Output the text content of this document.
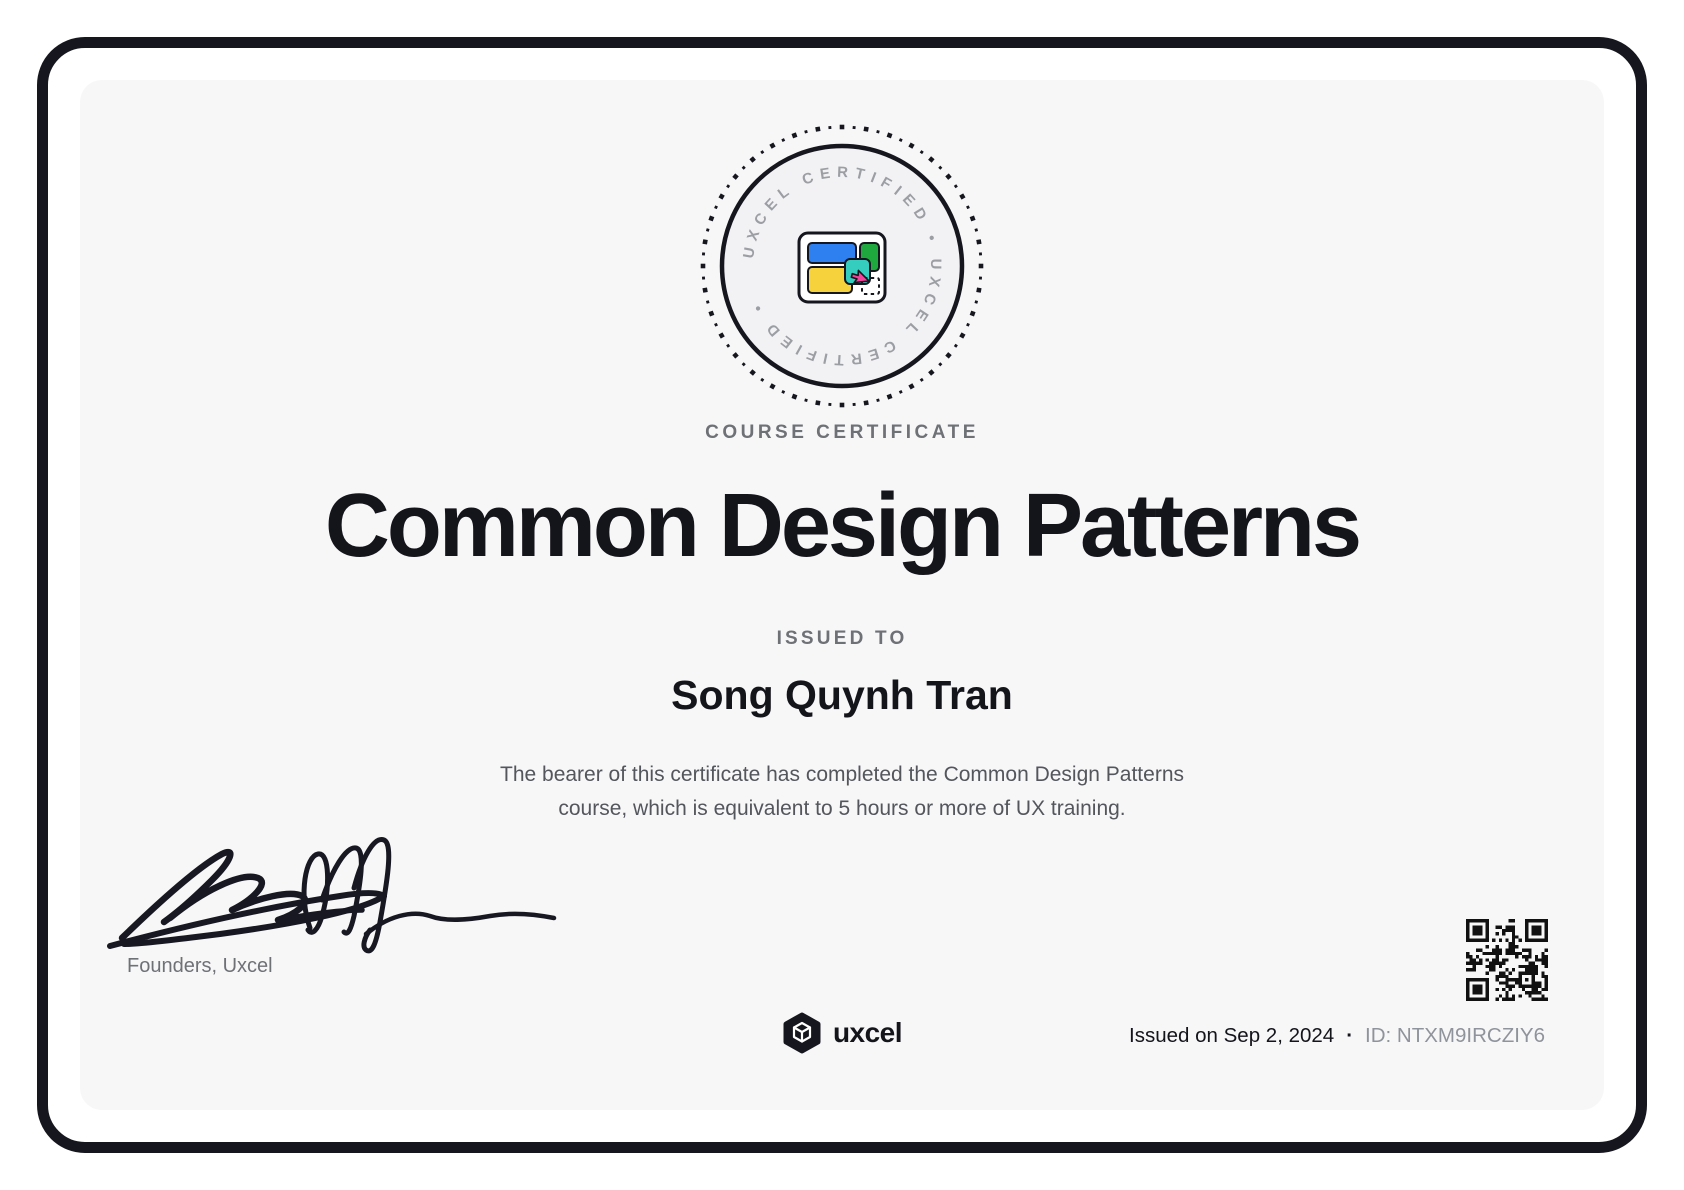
UXCEL CERTIFIED • UXCEL CERTIFIED •
COURSE CERTIFICATE
Common Design Patterns
ISSUED TO
Song Quynh Tran
The bearer of this certificate has completed the Common Design Patterns
course, which is equivalent to 5 hours or more of UX training.
Founders, Uxcel
uxcel	Issued on Sep 2, 2024 · ID: NTXM9IRCZIY6
